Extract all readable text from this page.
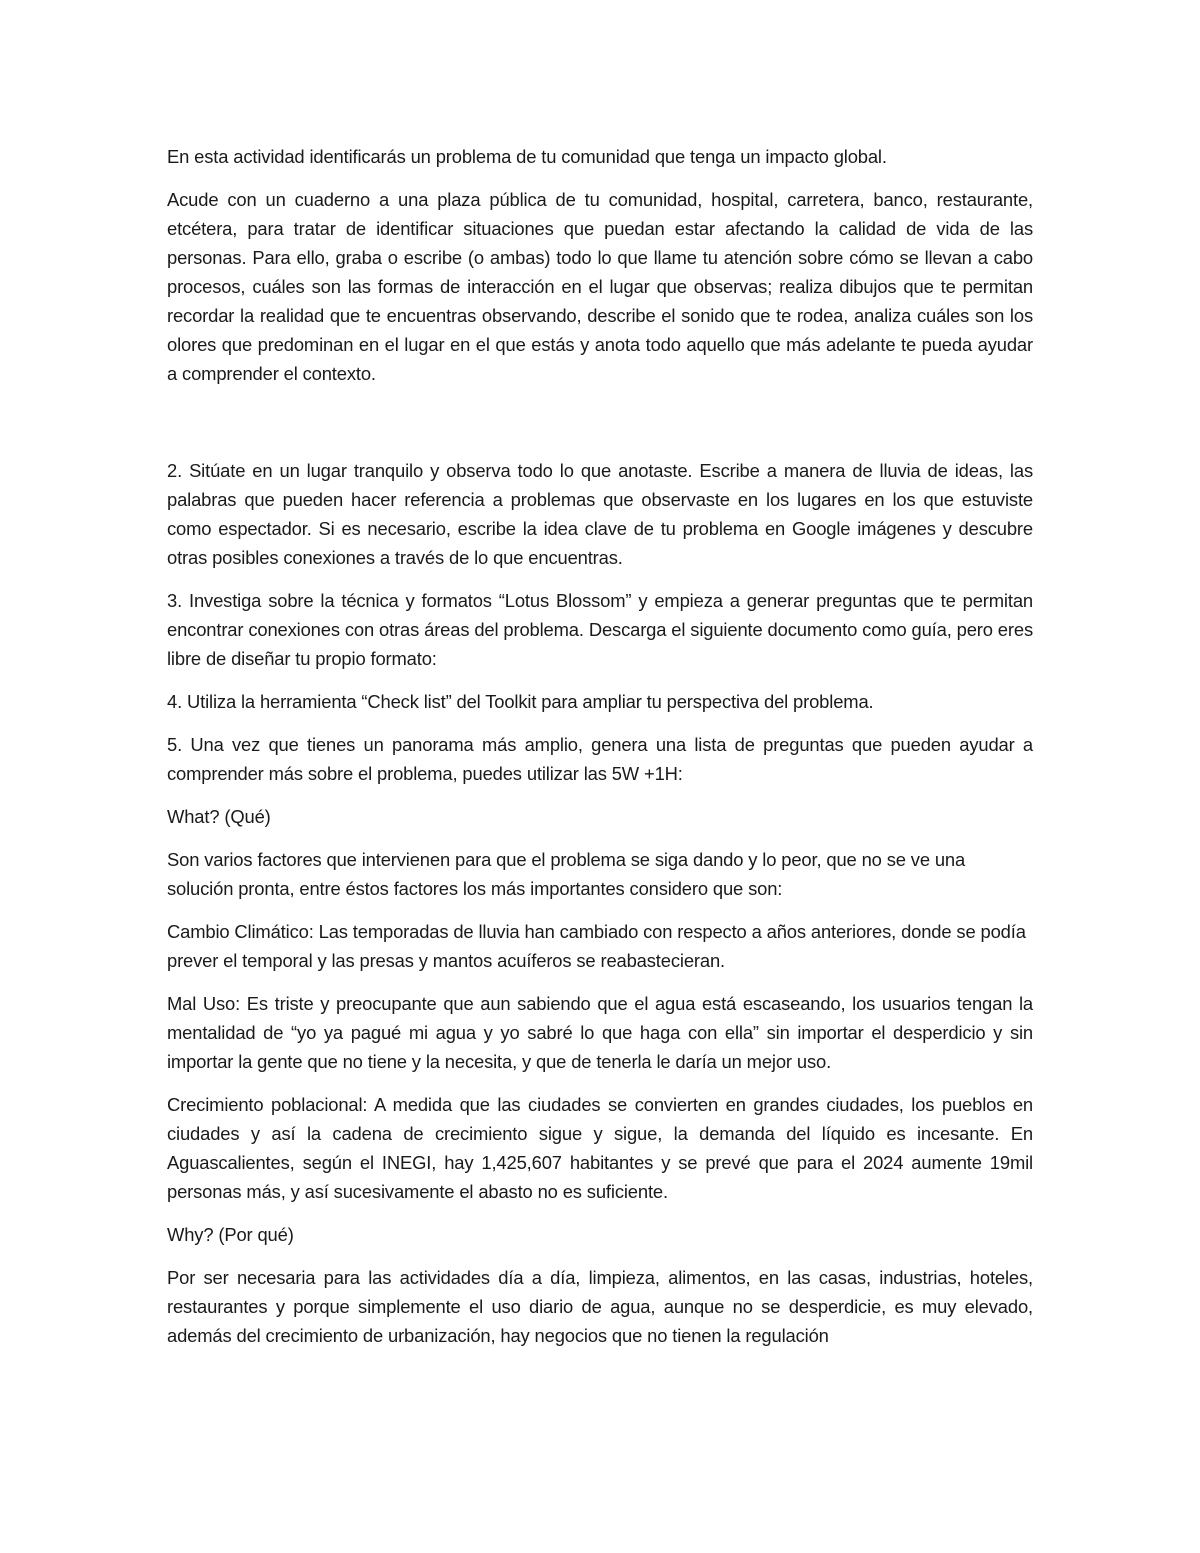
En esta actividad identificarás un problema de tu comunidad que tenga un impacto global.

Acude con un cuaderno a una plaza pública de tu comunidad, hospital, carretera, banco, restaurante, etcétera, para tratar de identificar situaciones que puedan estar afectando la calidad de vida de las personas. Para ello, graba o escribe (o ambas) todo lo que llame tu atención sobre cómo se llevan a cabo procesos, cuáles son las formas de interacción en el lugar que observas; realiza dibujos que te permitan recordar la realidad que te encuentras observando, describe el sonido que te rodea, analiza cuáles son los olores que predominan en el lugar en el que estás y anota todo aquello que más adelante te pueda ayudar a comprender el contexto.

2. Sitúate en un lugar tranquilo y observa todo lo que anotaste. Escribe a manera de lluvia de ideas, las palabras que pueden hacer referencia a problemas que observaste en los lugares en los que estuviste como espectador. Si es necesario, escribe la idea clave de tu problema en Google imágenes y descubre otras posibles conexiones a través de lo que encuentras.

3. Investiga sobre la técnica y formatos “Lotus Blossom” y empieza a generar preguntas que te permitan encontrar conexiones con otras áreas del problema. Descarga el siguiente documento como guía, pero eres libre de diseñar tu propio formato:

4. Utiliza la herramienta “Check list” del Toolkit para ampliar tu perspectiva del problema.

5. Una vez que tienes un panorama más amplio, genera una lista de preguntas que pueden ayudar a comprender más sobre el problema, puedes utilizar las 5W +1H:

What? (Qué)

Son varios factores que intervienen para que el problema se siga dando y lo peor, que no se ve una solución pronta, entre éstos factores los más importantes considero que son:

Cambio Climático: Las temporadas de lluvia han cambiado con respecto a años anteriores, donde se podía prever el temporal y las presas y mantos acuíferos se reabastecieran.

Mal Uso: Es triste y preocupante que aun sabiendo que el agua está escaseando, los usuarios tengan la mentalidad de “yo ya pagué mi agua y yo sabré lo que haga con ella” sin importar el desperdicio y sin importar la gente que no tiene y la necesita, y que de tenerla le daría un mejor uso.

Crecimiento poblacional: A medida que las ciudades se convierten en grandes ciudades, los pueblos en ciudades y así la cadena de crecimiento sigue y sigue, la demanda del líquido es incesante. En Aguascalientes, según el INEGI, hay 1,425,607 habitantes y se prevé que para el 2024 aumente 19mil personas más, y así sucesivamente el abasto no es suficiente.

Why? (Por qué)

Por ser necesaria para las actividades día a día, limpieza, alimentos, en las casas, industrias, hoteles, restaurantes y porque simplemente el uso diario de agua, aunque no se desperdicie, es muy elevado, además del crecimiento de urbanización, hay negocios que no tienen la regulación
